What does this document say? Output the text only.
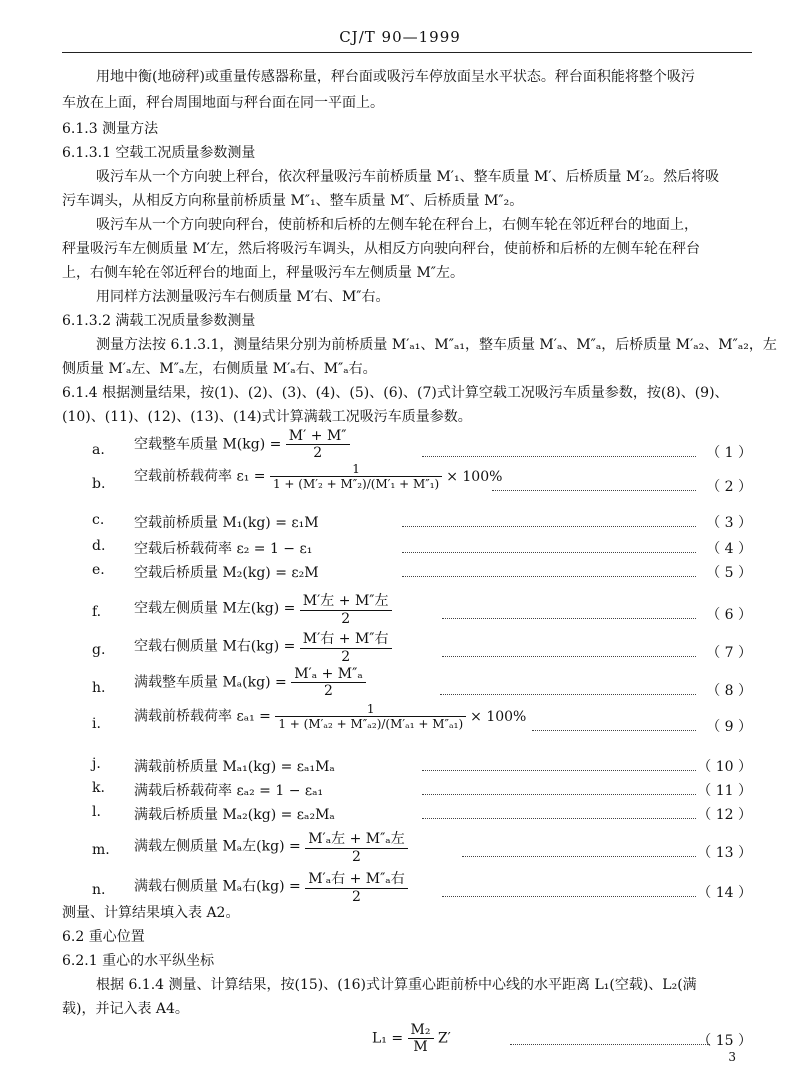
CJ/T 90—1999
用地中衡(地磅秤)或重量传感器称量，秤台面或吸污车停放面呈水平状态。秤台面积能将整个吸污
车放在上面，秤台周围地面与秤台面在同一平面上。
6.1.3 测量方法
6.1.3.1 空载工况质量参数测量
吸污车从一个方向驶上秤台，依次秤量吸污车前桥质量 M′₁、整车质量 M′、后桥质量 M′₂。然后将吸
污车调头，从相反方向称量前桥质量 M″₁、整车质量 M″、后桥质量 M″₂。
吸污车从一个方向驶向秤台，使前桥和后桥的左侧车轮在秤台上，右侧车轮在邻近秤台的地面上，
秤量吸污车左侧质量 M′左，然后将吸污车调头，从相反方向驶向秤台，使前桥和后桥的左侧车轮在秤台
上，右侧车轮在邻近秤台的地面上，秤量吸污车左侧质量 M″左。
用同样方法测量吸污车右侧质量 M′右、M″右。
6.1.3.2 满载工况质量参数测量
测量方法按 6.1.3.1，测量结果分别为前桥质量 M′ₐ₁、M″ₐ₁，整车质量 M′ₐ、M″ₐ，后桥质量 M′ₐ₂、M″ₐ₂，左
侧质量 M′ₐ左、M″ₐ左，右侧质量 M′ₐ右、M″ₐ右。
6.1.4 根据测量结果，按(1)、(2)、(3)、(4)、(5)、(6)、(7)式计算空载工况吸污车质量参数，按(8)、(9)、
(10)、(11)、(12)、(13)、(14)式计算满载工况吸污车质量参数。
a. 空载整车质量 $M(kg) = \frac{M' + M''}{2}$	（ 1 ）
b. 空载前桥载荷率 $\varepsilon_1 = \frac{1}{\text{1 + (M′₂ + M″₂)/(M′₁ + M″₁)}} \times 100\%$
（ 2 ）
c. 空载前桥质量 M₁(kg) = ε₁M	（ 3 ）
d. 空载后桥载荷率 ε₂ = 1 − ε₁	（ 4 ）
e. 空载后桥质量 M₂(kg) = ε₂M	（ 5 ）
f. 空载左侧质量 M左$(kg) = \frac{\text{M′左 + M″左}}{2}$	（ 6 ）
g. 空载右侧质量 M右$(kg) = \frac{\text{M′右 + M″右}}{2}$	（ 7 ）
h. 满载整车质量 $M_a(kg) = \frac{\text{M′ₐ + M″ₐ}}{2}$	（ 8 ）
i. 满载前桥载荷率 $\varepsilon_{a1} = \frac{1}{\text{1 + (M′ₐ₂ + M″ₐ₂)/(M′ₐ₁ + M″ₐ₁)}} \times 100\%$
（ 9 ）
j. 满载前桥质量 Mₐ₁(kg) = εₐ₁Mₐ	（ 10 ）
k. 满载后桥载荷率 εₐ₂ = 1 − εₐ₁	（ 11 ）
l. 满载后桥质量 Mₐ₂(kg) = εₐ₂Mₐ	（ 12 ）
m. 满载左侧质量 Mₐ左$(kg) = \frac{\text{M′ₐ左 + M″ₐ左}}{2}$	（ 13 ）
n. 满载右侧质量 Mₐ右$(kg) = \frac{\text{M′ₐ右 + M″ₐ右}}{2}$	（ 14 ）
测量、计算结果填入表 A2。
6.2 重心位置
6.2.1 重心的水平纵坐标
根据 6.1.4 测量、计算结果，按(15)、(16)式计算重心距前桥中心线的水平距离 L₁(空载)、L₂(满
载)，并记入表 A4。
$L_1 = \frac{\text{M₂}}{M} Z'$	（ 15 ）
3
